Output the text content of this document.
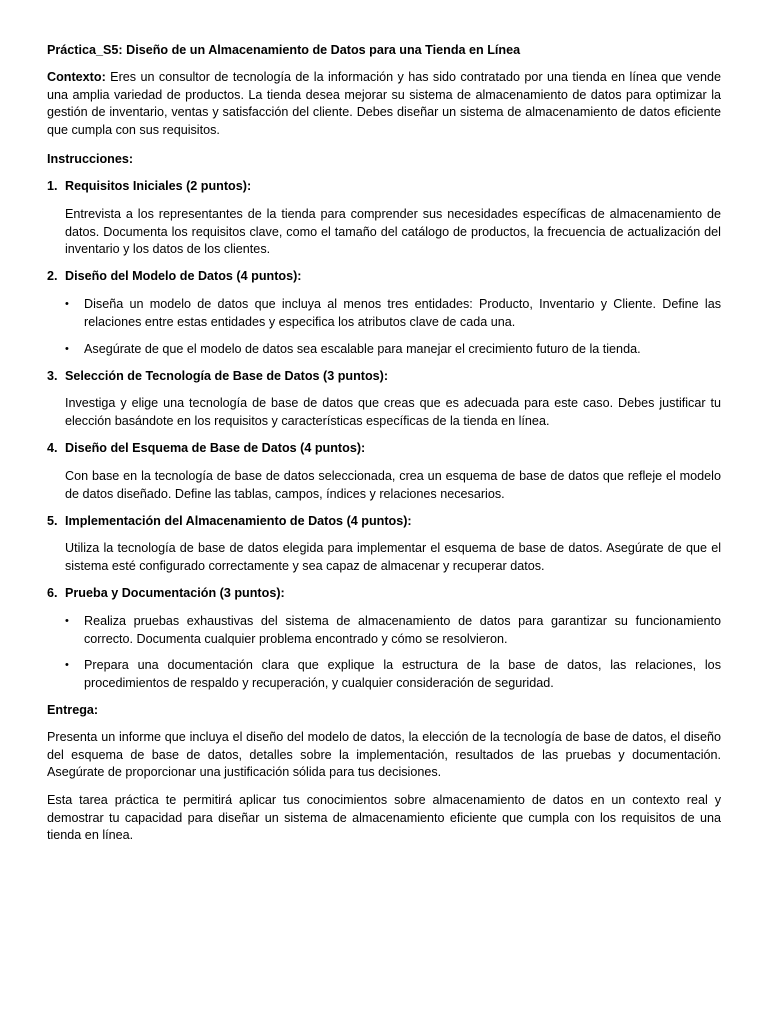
Práctica_S5: Diseño de un Almacenamiento de Datos para una Tienda en Línea
Contexto: Eres un consultor de tecnología de la información y has sido contratado por una tienda en línea que vende una amplia variedad de productos. La tienda desea mejorar su sistema de almacenamiento de datos para optimizar la gestión de inventario, ventas y satisfacción del cliente. Debes diseñar un sistema de almacenamiento de datos eficiente que cumpla con sus requisitos.
Instrucciones:
1. Requisitos Iniciales (2 puntos):
Entrevista a los representantes de la tienda para comprender sus necesidades específicas de almacenamiento de datos. Documenta los requisitos clave, como el tamaño del catálogo de productos, la frecuencia de actualización del inventario y los datos de los clientes.
2. Diseño del Modelo de Datos (4 puntos):
• Diseña un modelo de datos que incluya al menos tres entidades: Producto, Inventario y Cliente. Define las relaciones entre estas entidades y especifica los atributos clave de cada una.
• Asegúrate de que el modelo de datos sea escalable para manejar el crecimiento futuro de la tienda.
3. Selección de Tecnología de Base de Datos (3 puntos):
Investiga y elige una tecnología de base de datos que creas que es adecuada para este caso. Debes justificar tu elección basándote en los requisitos y características específicas de la tienda en línea.
4. Diseño del Esquema de Base de Datos (4 puntos):
Con base en la tecnología de base de datos seleccionada, crea un esquema de base de datos que refleje el modelo de datos diseñado. Define las tablas, campos, índices y relaciones necesarios.
5. Implementación del Almacenamiento de Datos (4 puntos):
Utiliza la tecnología de base de datos elegida para implementar el esquema de base de datos. Asegúrate de que el sistema esté configurado correctamente y sea capaz de almacenar y recuperar datos.
6. Prueba y Documentación (3 puntos):
• Realiza pruebas exhaustivas del sistema de almacenamiento de datos para garantizar su funcionamiento correcto. Documenta cualquier problema encontrado y cómo se resolvieron.
• Prepara una documentación clara que explique la estructura de la base de datos, las relaciones, los procedimientos de respaldo y recuperación, y cualquier consideración de seguridad.
Entrega:
Presenta un informe que incluya el diseño del modelo de datos, la elección de la tecnología de base de datos, el diseño del esquema de base de datos, detalles sobre la implementación, resultados de las pruebas y documentación. Asegúrate de proporcionar una justificación sólida para tus decisiones.
Esta tarea práctica te permitirá aplicar tus conocimientos sobre almacenamiento de datos en un contexto real y demostrar tu capacidad para diseñar un sistema de almacenamiento eficiente que cumpla con los requisitos de una tienda en línea.
